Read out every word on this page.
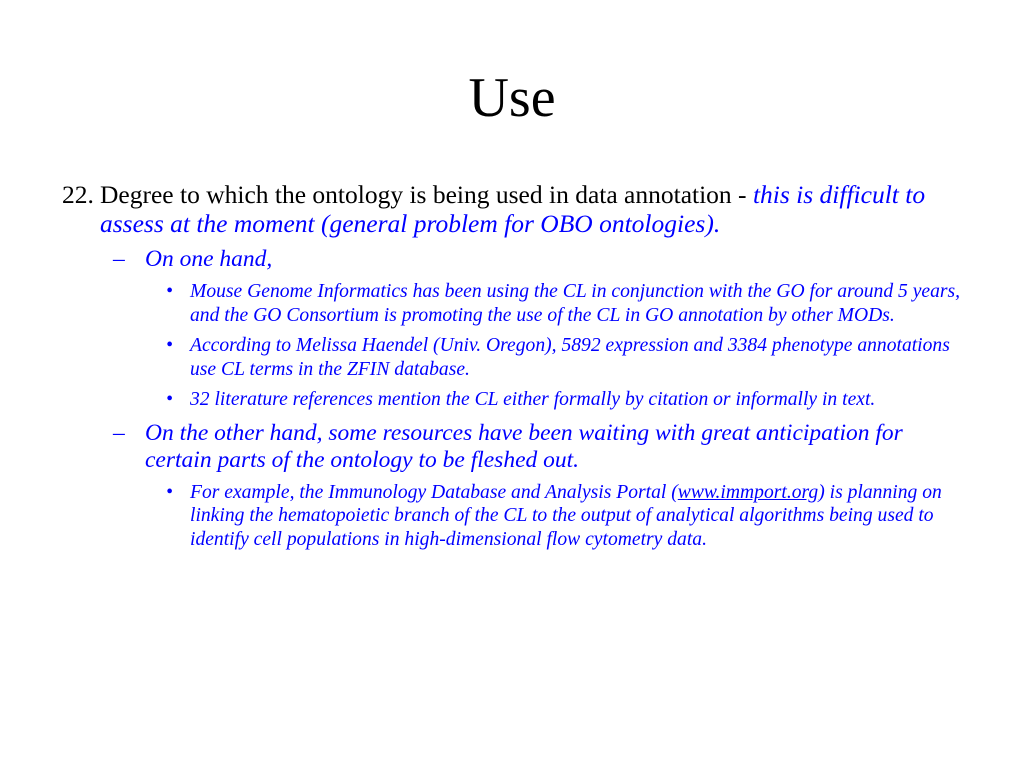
Use
22. Degree to which the ontology is being used in data annotation - this is difficult to assess at the moment (general problem for OBO ontologies).
– On one hand,
• Mouse Genome Informatics has been using the CL in conjunction with the GO for around 5 years, and the GO Consortium is promoting the use of the CL in GO annotation by other MODs.
• According to Melissa Haendel (Univ. Oregon), 5892 expression and 3384 phenotype annotations use CL terms in the ZFIN database.
• 32 literature references mention the CL either formally by citation or informally in text.
– On the other hand, some resources have been waiting with great anticipation for certain parts of the ontology to be fleshed out.
• For example, the Immunology Database and Analysis Portal (www.immport.org) is planning on linking the hematopoietic branch of the CL to the output of analytical algorithms being used to identify cell populations in high-dimensional flow cytometry data.
